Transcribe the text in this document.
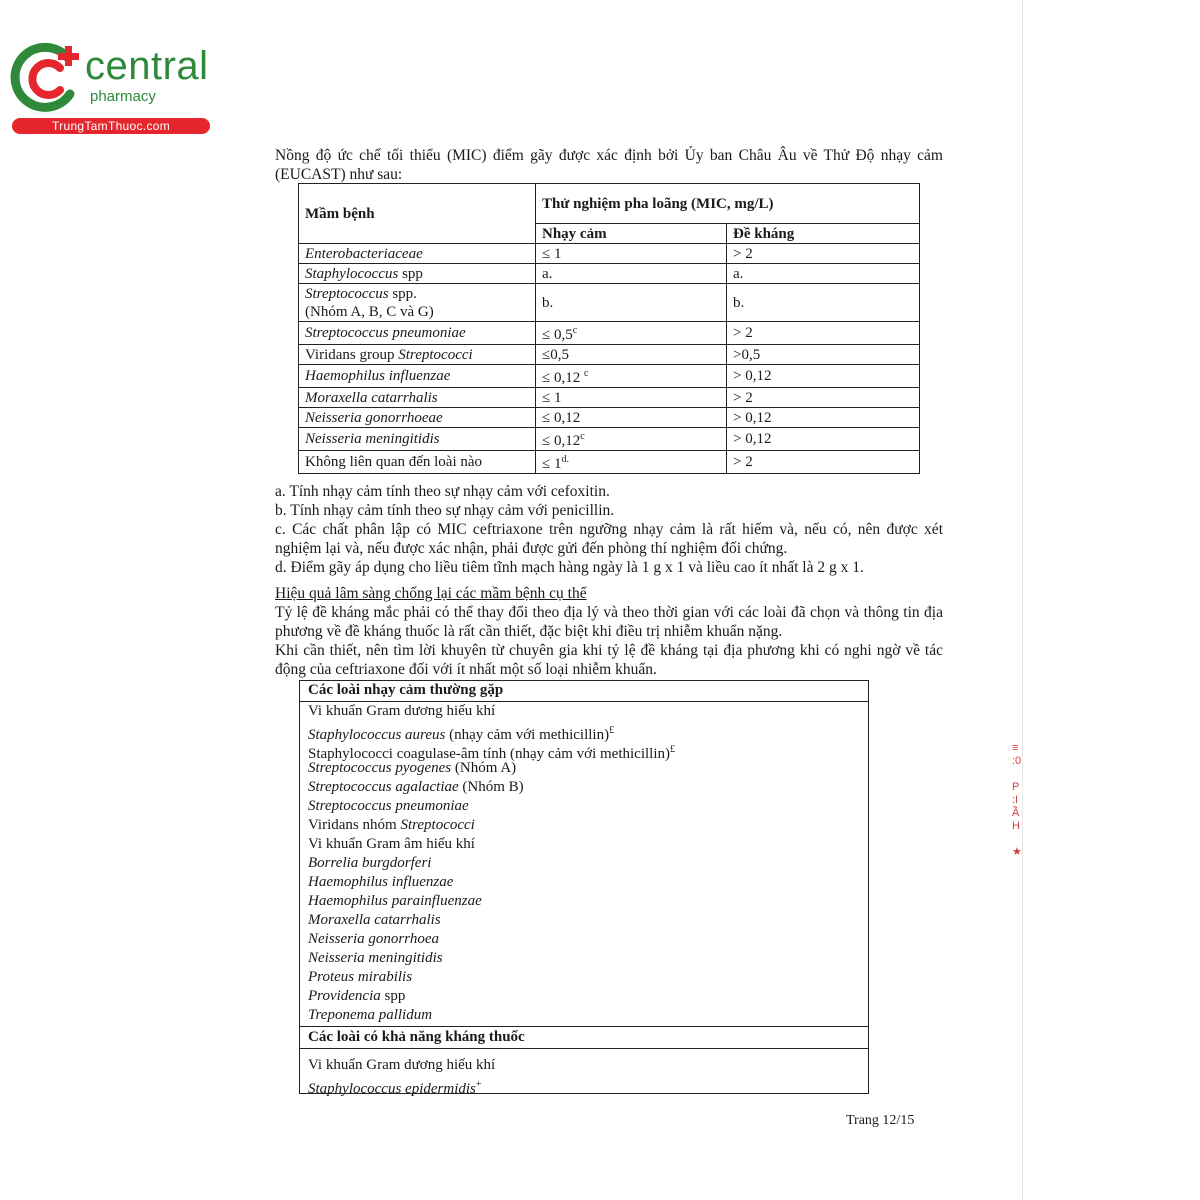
≡
:0

P
:I
Ầ
H

★
central
pharmacy
TrungTamThuoc.com
Nồng độ ức chế tối thiểu (MIC) điểm gãy được xác định bởi Ủy ban Châu Âu về Thử Độ nhạy cảm (EUCAST) như sau:
Mầm bệnh	Thử nghiệm pha loãng (MIC, mg/L)	
	Nhạy cảm	Đề kháng
Enterobacteriaceae	≤ 1	> 2
Staphylococcus spp	a.	a.
Streptococcus spp.
(Nhóm A, B, C và G)	b.	b.
Streptococcus pneumoniae	≤ 0,5$^c$	> 2
Viridans group Streptococci	≤0,5	>0,5
Haemophilus influenzae	≤ 0,12 $^c$	> 0,12
Moraxella catarrhalis	≤ 1	> 2
Neisseria gonorrhoeae	≤ 0,12	> 0,12
Neisseria meningitidis	≤ 0,12$^c$	> 0,12
Không liên quan đến loài nào	≤ $1^{d.}$	> 2
a. Tính nhạy cảm tính theo sự nhạy cảm với cefoxitin.
b. Tính nhạy cảm tính theo sự nhạy cảm với penicillin.
c. Các chất phân lập có MIC ceftriaxone trên ngưỡng nhạy cảm là rất hiếm và, nếu có, nên được xét nghiệm lại và, nếu được xác nhận, phải được gửi đến phòng thí nghiệm đối chứng.
d. Điểm gãy áp dụng cho liều tiêm tĩnh mạch hàng ngày là 1 g x 1 và liều cao ít nhất là 2 g x 1.
Hiệu quả lâm sàng chống lại các mầm bệnh cụ thể
Tỷ lệ đề kháng mắc phải có thể thay đổi theo địa lý và theo thời gian với các loài đã chọn và thông tin địa phương về đề kháng thuốc là rất cần thiết, đặc biệt khi điều trị nhiễm khuẩn nặng.
Khi cần thiết, nên tìm lời khuyên từ chuyên gia khi tỷ lệ đề kháng tại địa phương khi có nghi ngờ về tác động của ceftriaxone đối với ít nhất một số loại nhiễm khuẩn.
Các loài nhạy cảm thường gặp
Vi khuẩn Gram dương hiếu khí
Staphylococcus aureus (nhạy cảm với methicillin)£
Staphylococci coagulase-âm tính (nhạy cảm với methicillin)£
Streptococcus pyogenes (Nhóm A)
Streptococcus agalactiae (Nhóm B)
Streptococcus pneumoniae
Viridans nhóm Streptococci
Vi khuẩn Gram âm hiếu khí
Borrelia burgdorferi
Haemophilus influenzae
Haemophilus parainfluenzae
Moraxella catarrhalis
Neisseria gonorrhoea
Neisseria meningitidis
Proteus mirabilis
Providencia spp
Treponema pallidum
Các loài có khả năng kháng thuốc
Vi khuẩn Gram dương hiếu khí
Staphylococcus epidermidis+
Trang 12/15
